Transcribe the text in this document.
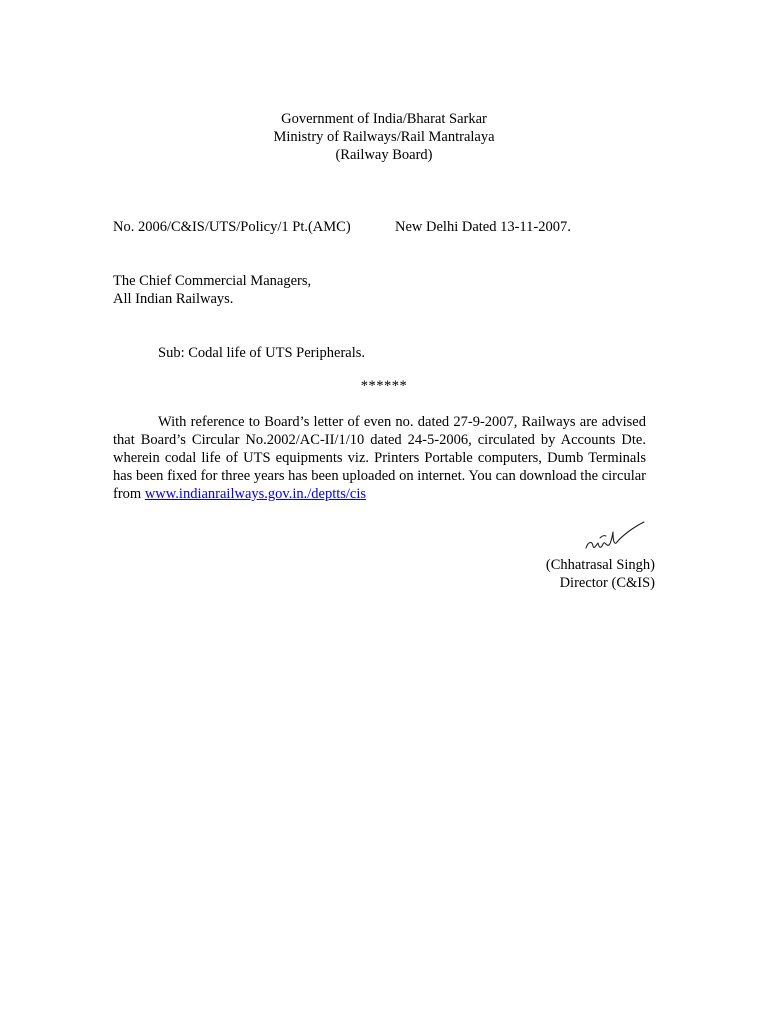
Government of India/Bharat Sarkar
Ministry of Railways/Rail Mantralaya
(Railway Board)
No. 2006/C&IS/UTS/Policy/1 Pt.(AMC)	New Delhi Dated 13-11-2007.
The Chief Commercial Managers,
All Indian Railways.
Sub: Codal life of UTS Peripherals.
******

With reference to Board’s letter of even no. dated 27-9-2007, Railways are advised that Board’s Circular No.2002/AC-II/1/10 dated 24-5-2006, circulated by Accounts Dte. wherein codal life of UTS equipments viz. Printers Portable computers, Dumb Terminals has been fixed for three years has been uploaded on internet. You can download the circular from www.indianrailways.gov.in./deptts/cis

(Chhatrasal Singh)
Director (C&IS)
